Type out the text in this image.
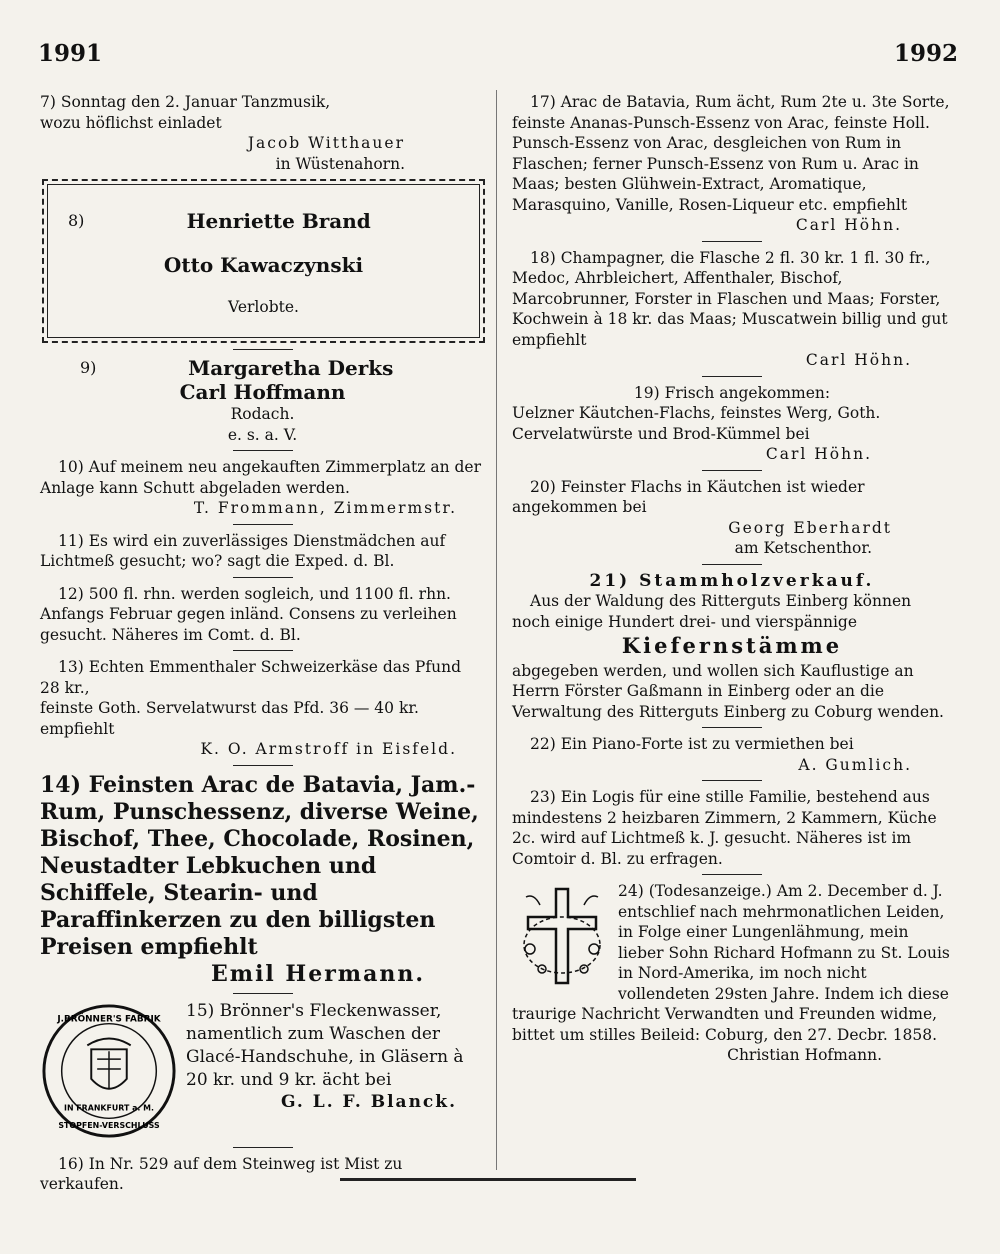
1991	1992

7) Sonntag den 2. Januar Tanzmusik,

wozu höflichst einladet

Jacob Witthauer

in Wüstenahorn.

8)	Henriette Brand

Otto Kawaczynski

Verlobte.

9)	Margaretha Derks

Carl Hoffmann

Rodach.

e. s. a. V.

10) Auf meinem neu angekauften Zimmerplatz an der Anlage kann Schutt abgeladen werden.

T. Frommann, Zimmermstr.

11) Es wird ein zuverlässiges Dienstmädchen auf Lichtmeß gesucht; wo? sagt die Exped. d. Bl.

12) 500 fl. rhn. werden sogleich, und 1100 fl. rhn. Anfangs Februar gegen inländ. Consens zu verleihen gesucht. Näheres im Comt. d. Bl.

13) Echten Emmenthaler Schweizerkäse das Pfund 28 kr.,

feinste Goth. Servelatwurst das Pfd. 36 — 40 kr. empfiehlt

K. O. Armstroff in Eisfeld.

14) Feinsten Arac de Batavia, Jam.-Rum, Punschessenz, diverse Weine, Bischof, Thee, Chocolade, Rosinen, Neustadter Lebkuchen und Schiffele, Stearin- und Paraffinkerzen zu den billigsten Preisen empfiehlt

Emil Hermann.

J.BRÖNNER'S FABRIK
IN FRANKFURT a. M.
STOPFEN-VERSCHLUSS

15) Brönner's Fleckenwasser, namentlich zum Waschen der Glacé-Handschuhe, in Gläsern à 20 kr. und 9 kr. ächt bei

G. L. F. Blanck.

16) In Nr. 529 auf dem Steinweg ist Mist zu verkaufen.

17) Arac de Batavia, Rum ächt, Rum 2te u. 3te Sorte, feinste Ananas-Punsch-Essenz von Arac, feinste Holl. Punsch-Essenz von Arac, desgleichen von Rum in Flaschen; ferner Punsch-Essenz von Rum u. Arac in Maas; besten Glühwein-Extract, Aromatique, Marasquino, Vanille, Rosen-Liqueur etc. empfiehlt

Carl Höhn.

18) Champagner, die Flasche 2 fl. 30 kr. 1 fl. 30 fr., Medoc, Ahrbleichert, Affenthaler, Bischof, Marcobrunner, Forster in Flaschen und Maas; Forster, Kochwein à 18 kr. das Maas; Muscatwein billig und gut empfiehlt

Carl Höhn.

19) Frisch angekommen:

Uelzner Käutchen-Flachs, feinstes Werg, Goth. Cervelatwürste und Brod-Kümmel bei

Carl Höhn.

20) Feinster Flachs in Käutchen ist wieder angekommen bei

Georg Eberhardt

am Ketschenthor.

21) Stammholzverkauf.

Aus der Waldung des Ritterguts Einberg können noch einige Hundert drei- und vierspännige

Kiefernstämme

abgegeben werden, und wollen sich Kauflustige an Herrn Förster Gaßmann in Einberg oder an die Verwaltung des Ritterguts Einberg zu Coburg wenden.

22) Ein Piano-Forte ist zu vermiethen bei

A. Gumlich.

23) Ein Logis für eine stille Familie, bestehend aus mindestens 2 heizbaren Zimmern, 2 Kammern, Küche 2c. wird auf Lichtmeß k. J. gesucht. Näheres ist im Comtoir d. Bl. zu erfragen.

24) (Todesanzeige.) Am 2. December d. J. entschlief nach mehrmonatlichen Leiden, in Folge einer Lungenlähmung, mein lieber Sohn Richard Hofmann zu St. Louis in Nord-Amerika, im noch nicht vollendeten 29sten Jahre. Indem ich diese traurige Nachricht Verwandten und Freunden widme, bittet um stilles Beileid: Coburg, den 27. Decbr. 1858.

Christian Hofmann.
